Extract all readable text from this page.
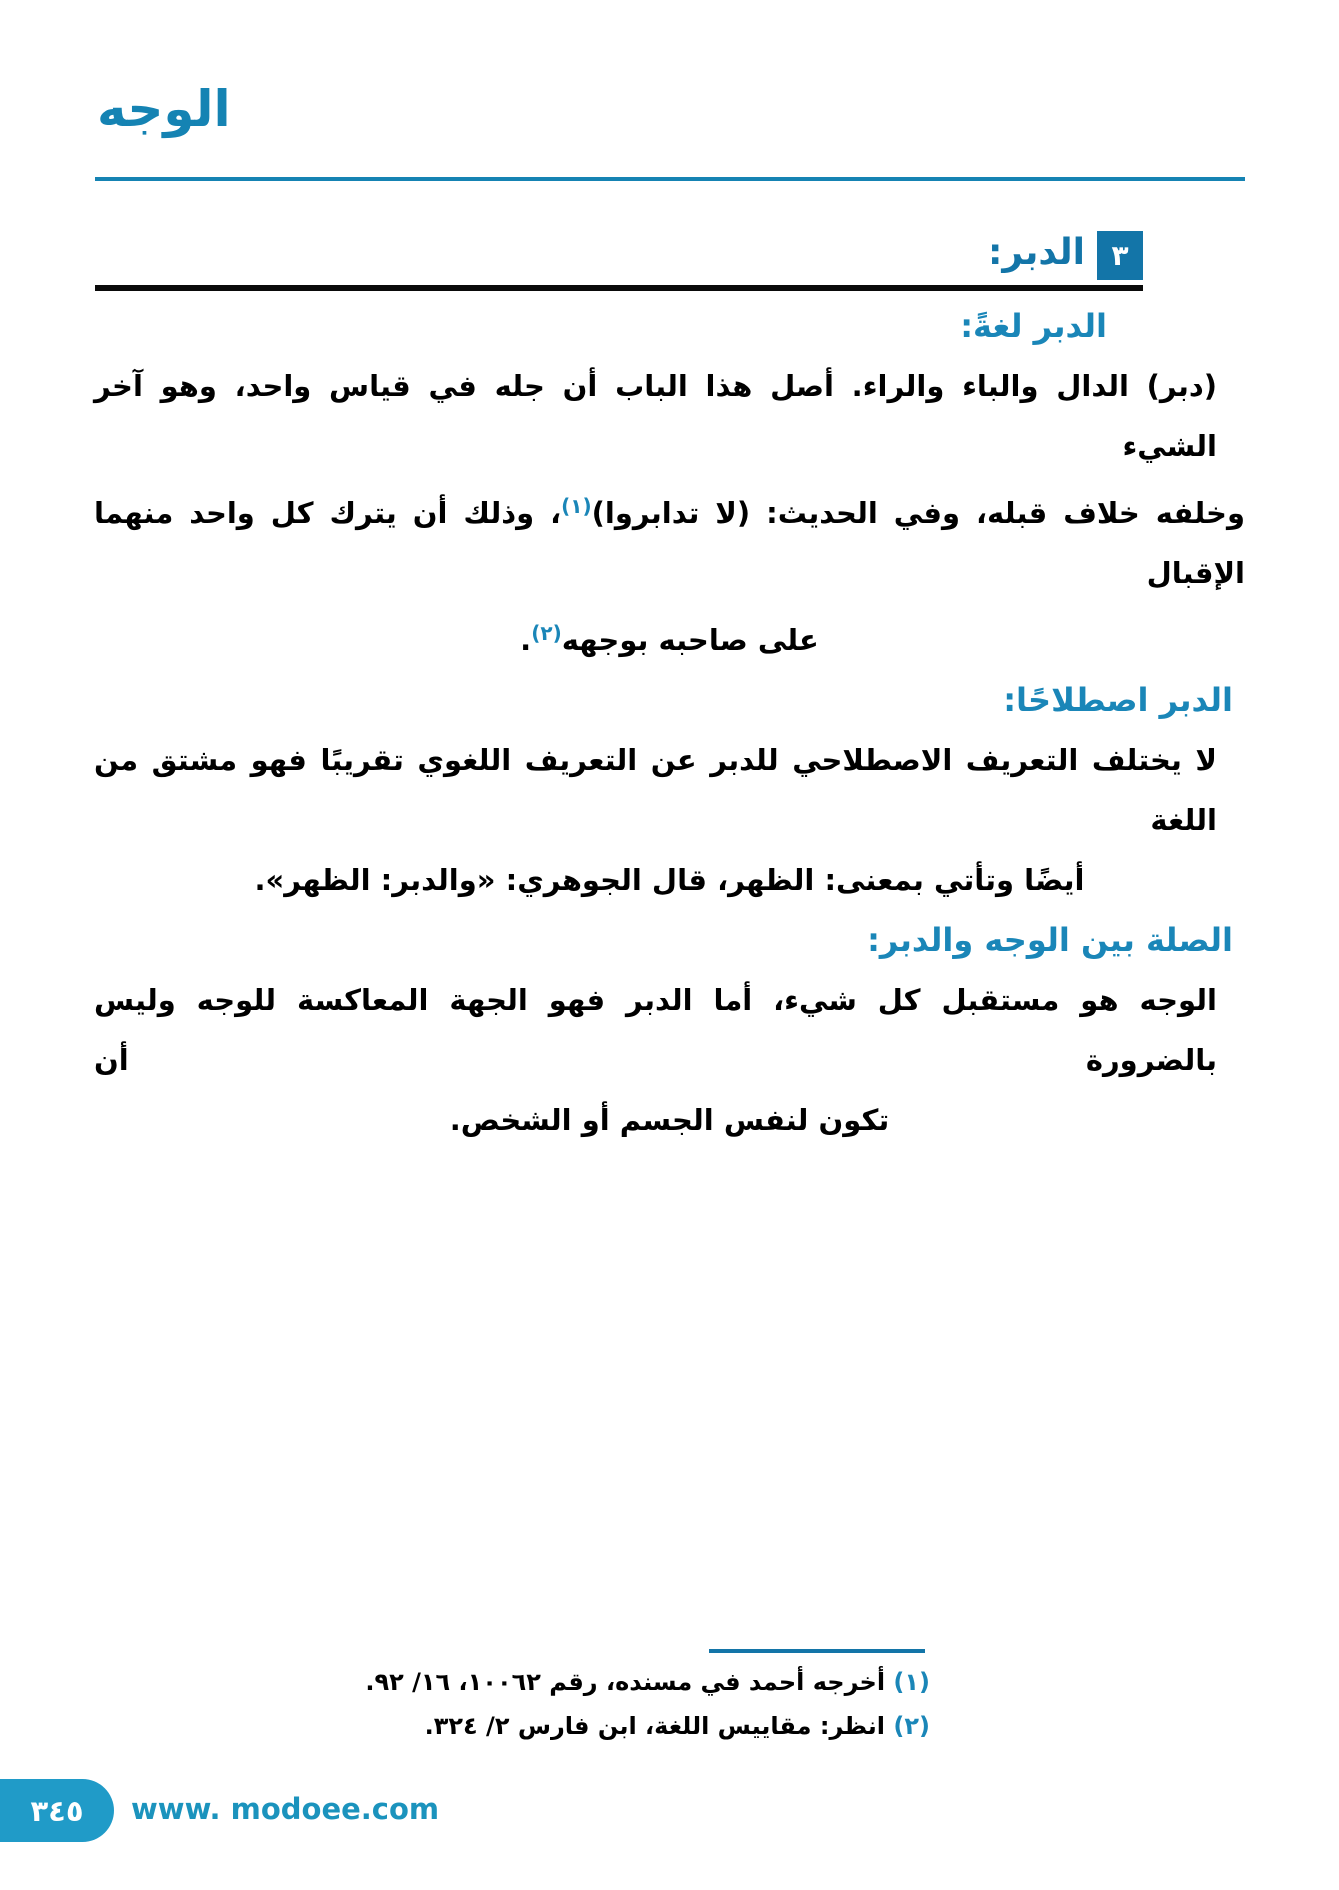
الوجه
٣
الدبر:
الدبر لغةً:
(دبر) الدال والباء والراء. أصل هذا الباب أن جله في قياس واحد، وهو آخر الشيء
وخلفه خلاف قبله، وفي الحديث: (لا تدابروا)$^{(١)}$، وذلك أن يترك كل واحد منهما الإقبال
على صاحبه بوجهه$^{(٢)}$.
الدبر اصطلاحًا:
لا يختلف التعريف الاصطلاحي للدبر عن التعريف اللغوي تقريبًا فهو مشتق من اللغة
أيضًا وتأتي بمعنى: الظهر، قال الجوهري: «والدبر: الظهر».
الصلة بين الوجه والدبر:
الوجه هو مستقبل كل شيء، أما الدبر فهو الجهة المعاكسة للوجه وليس بالضرورة أن
تكون لنفس الجسم أو الشخص.
(١) أخرجه أحمد في مسنده، رقم ١٠٠٦٢، ١٦/ ٩٢.
(٢) انظر: مقاييس اللغة، ابن فارس ٢/ ٣٢٤.
٣٤٥	www. modoee.com
